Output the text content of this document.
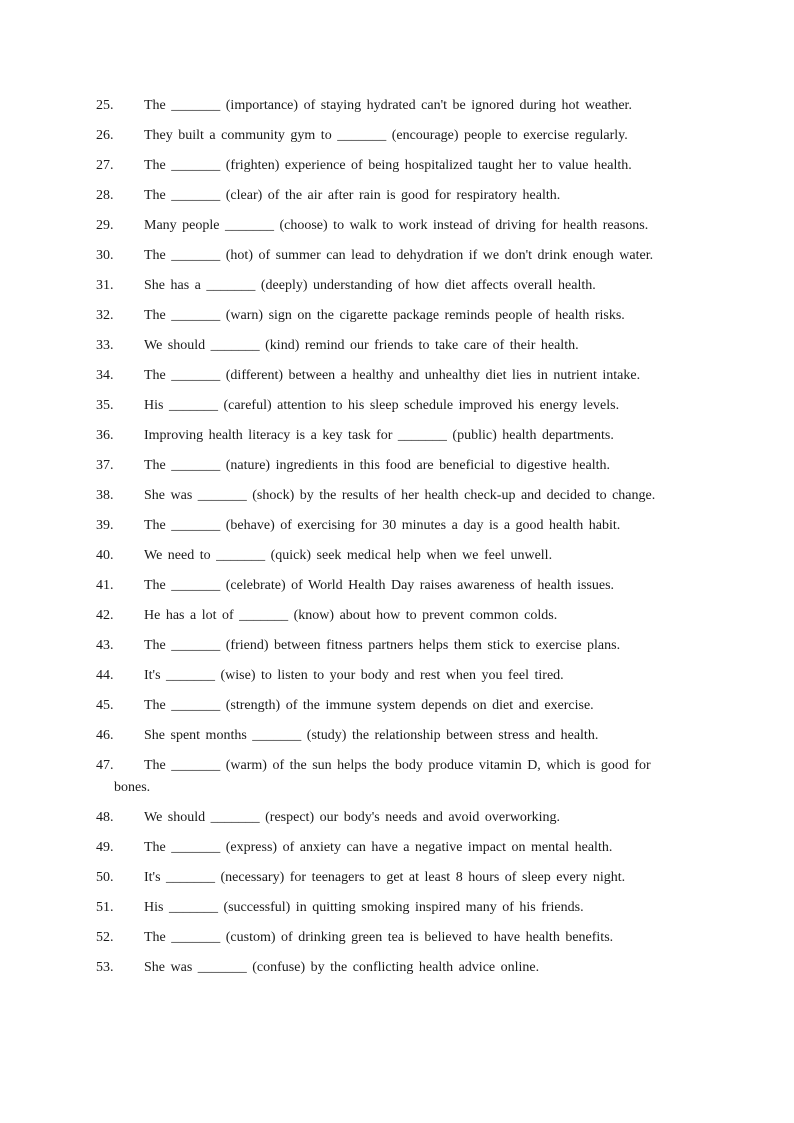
25.	The _______ (importance) of staying hydrated can't be ignored during hot weather.
26.	They built a community gym to _______ (encourage) people to exercise regularly.
27.	The _______ (frighten) experience of being hospitalized taught her to value health.
28.	The _______ (clear) of the air after rain is good for respiratory health.
29.	Many people _______ (choose) to walk to work instead of driving for health reasons.
30.	The _______ (hot) of summer can lead to dehydration if we don't drink enough water.
31.	She has a _______ (deeply) understanding of how diet affects overall health.
32.	The _______ (warn) sign on the cigarette package reminds people of health risks.
33.	We should _______ (kind) remind our friends to take care of their health.
34.	The _______ (different) between a healthy and unhealthy diet lies in nutrient intake.
35.	His _______ (careful) attention to his sleep schedule improved his energy levels.
36.	Improving health literacy is a key task for _______ (public) health departments.
37.	The _______ (nature) ingredients in this food are beneficial to digestive health.
38.	She was _______ (shock) by the results of her health check-up and decided to change.
39.	The _______ (behave) of exercising for 30 minutes a day is a good health habit.
40.	We need to _______ (quick) seek medical help when we feel unwell.
41.	The _______ (celebrate) of World Health Day raises awareness of health issues.
42.	He has a lot of _______ (know) about how to prevent common colds.
43.	The _______ (friend) between fitness partners helps them stick to exercise plans.
44.	It's _______ (wise) to listen to your body and rest when you feel tired.
45.	The _______ (strength) of the immune system depends on diet and exercise.
46.	She spent months _______ (study) the relationship between stress and health.
47.	The _______ (warm) of the sun helps the body produce vitamin D, which is good for
bones.
48.	We should _______ (respect) our body's needs and avoid overworking.
49.	The _______ (express) of anxiety can have a negative impact on mental health.
50.	It's _______ (necessary) for teenagers to get at least 8 hours of sleep every night.
51.	His _______ (successful) in quitting smoking inspired many of his friends.
52.	The _______ (custom) of drinking green tea is believed to have health benefits.
53.	She was _______ (confuse) by the conflicting health advice online.
